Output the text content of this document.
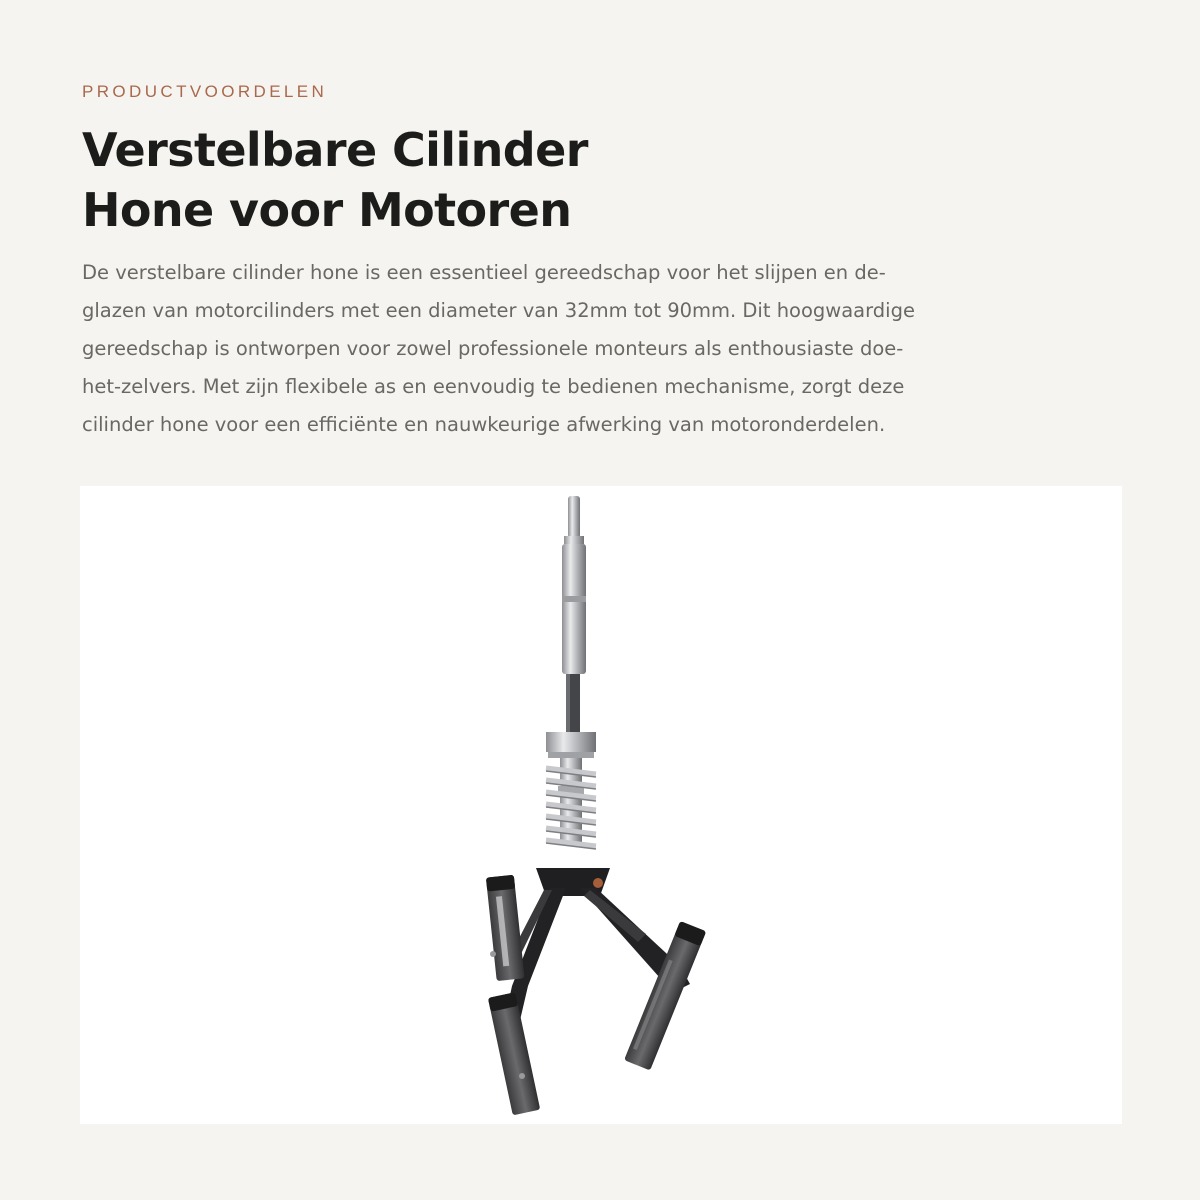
PRODUCTVOORDELEN

Verstelbare Cilinder
Hone voor Motoren

De verstelbare cilinder hone is een essentieel gereedschap voor het slijpen en de-
glazen van motorcilinders met een diameter van 32mm tot 90mm. Dit hoogwaardige
gereedschap is ontworpen voor zowel professionele monteurs als enthousiaste doe-
het-zelvers. Met zijn flexibele as en eenvoudig te bedienen mechanisme, zorgt deze
cilinder hone voor een efficiënte en nauwkeurige afwerking van motoronderdelen.
